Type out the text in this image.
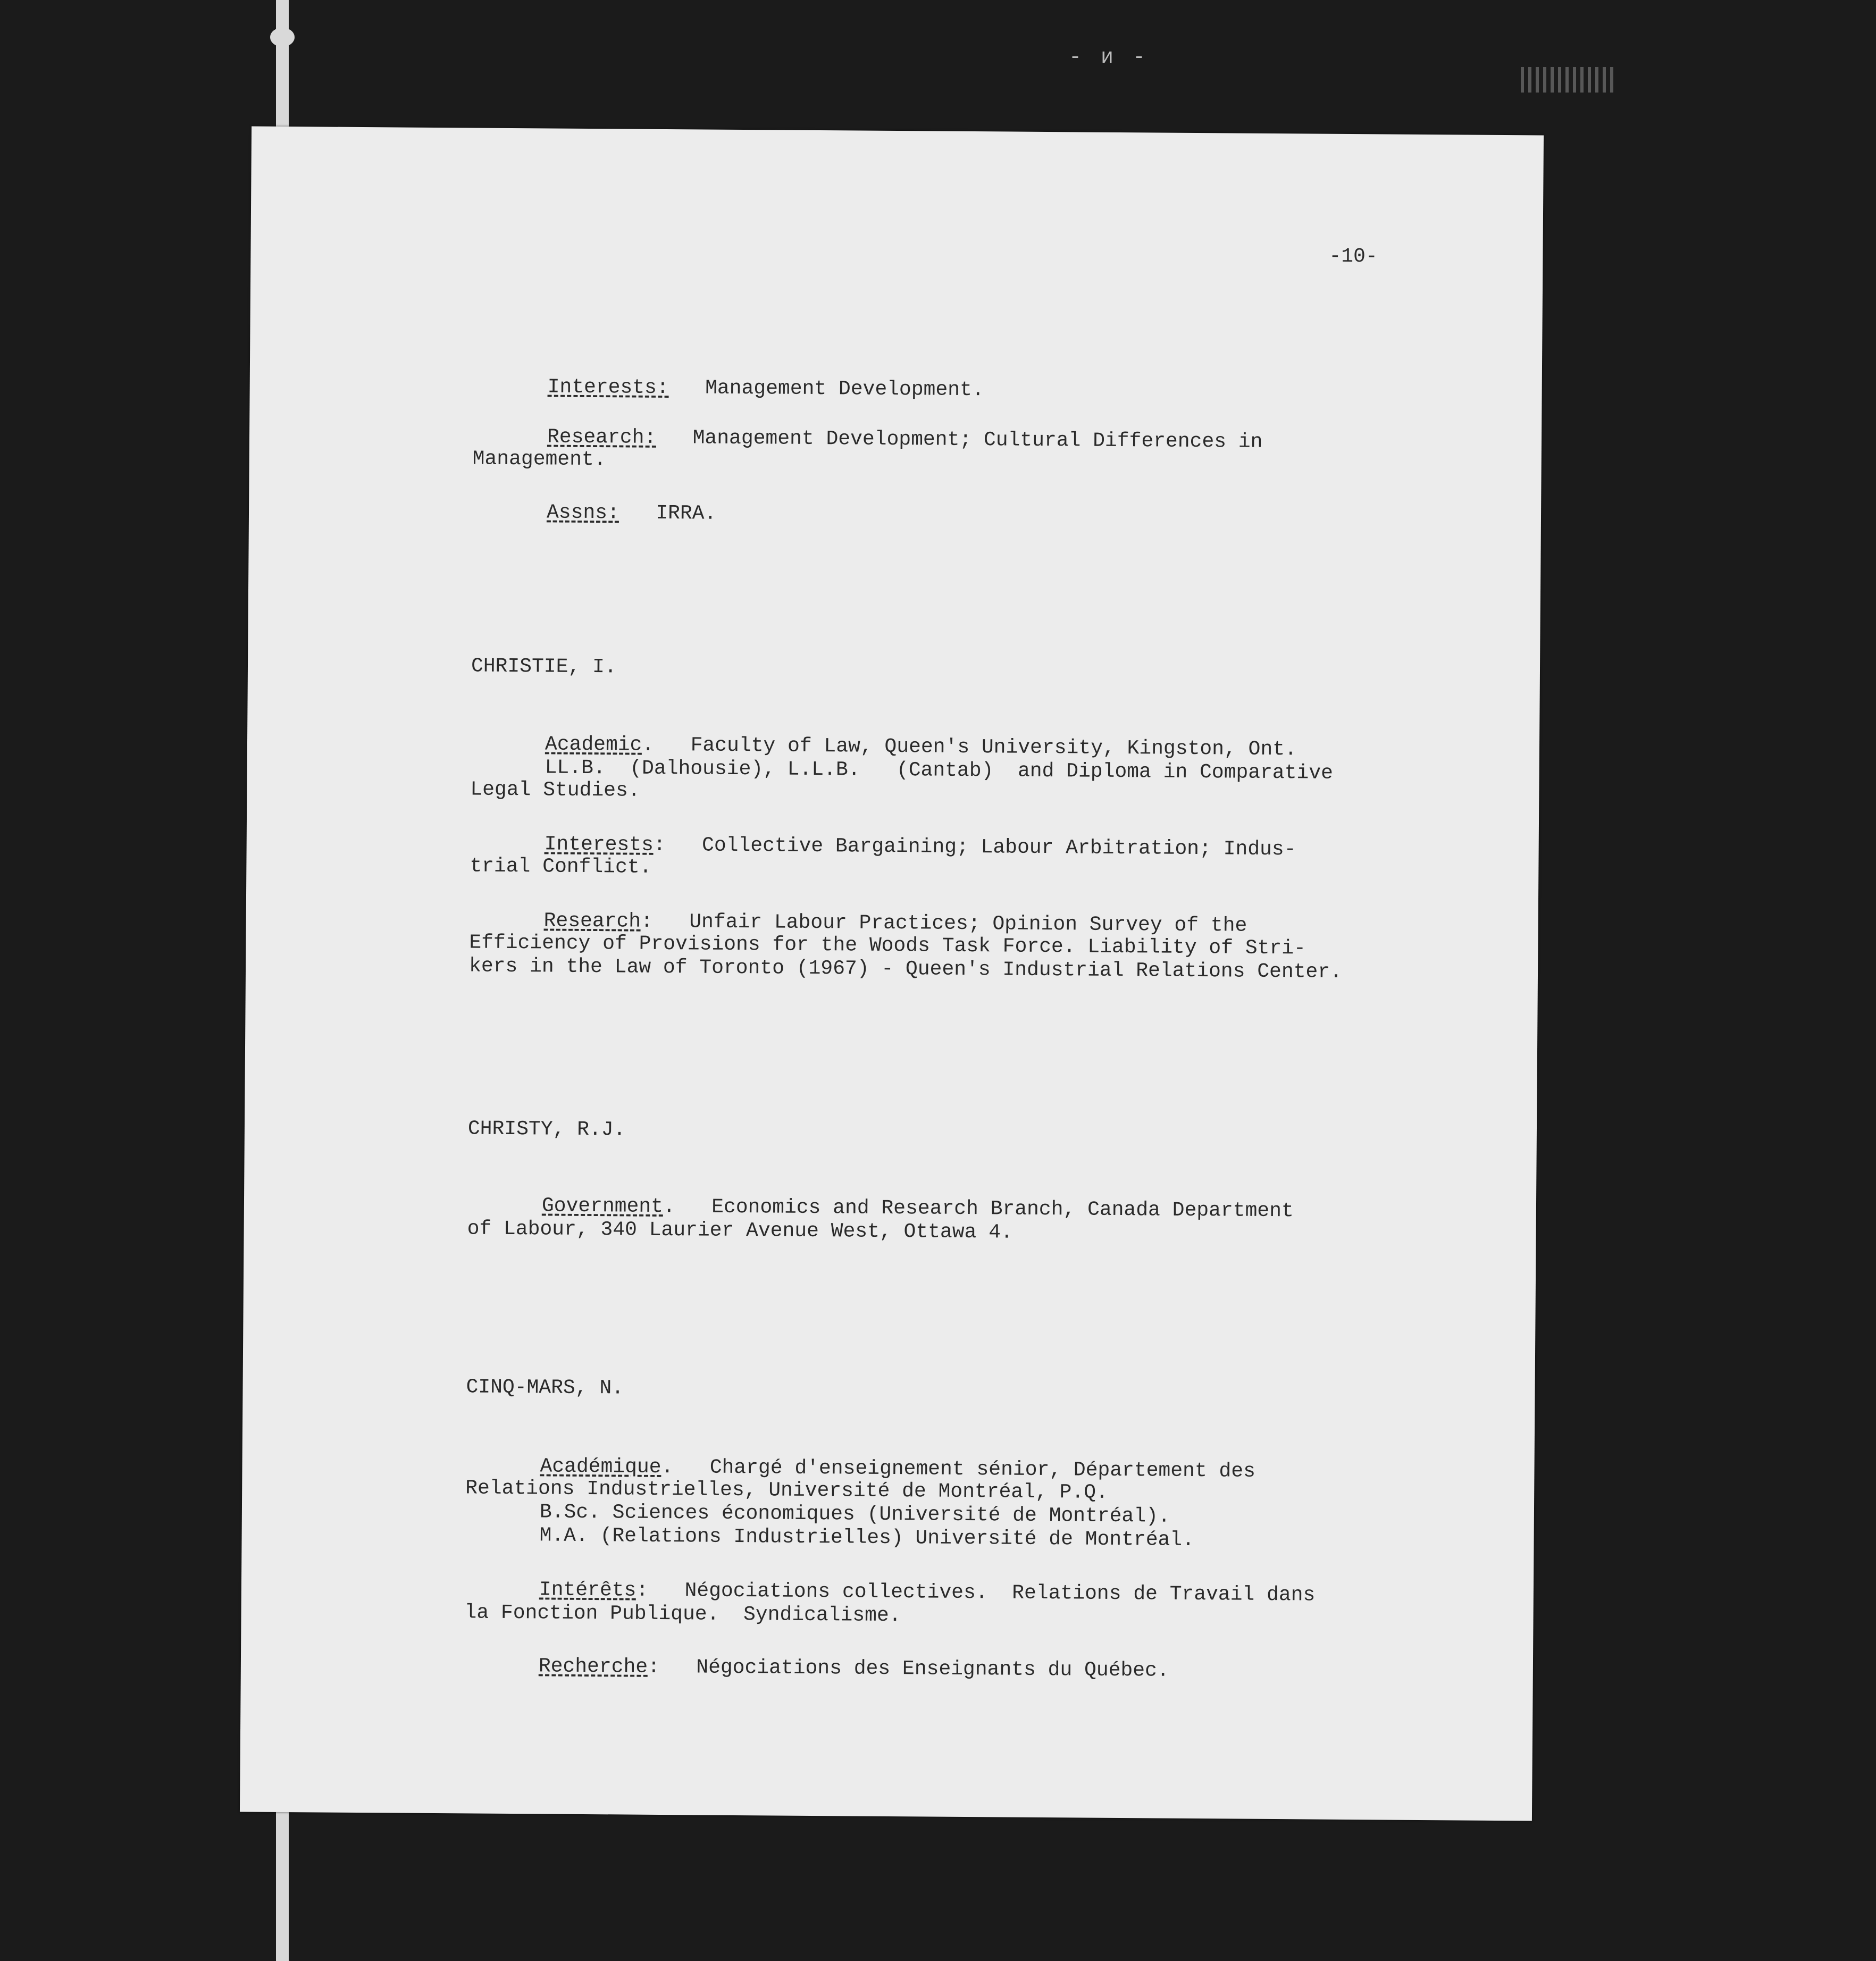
- ᴎ -
-10-
Interests: Management Development.
Research: Management Development; Cultural Differences in
Management.
Assns: IRRA.
CHRISTIE, I.
Academic.   Faculty of Law, Queen's University, Kingston, Ont.
LL.B.  (Dalhousie), L.L.B.   (Cantab)  and Diploma in Comparative
Legal Studies.
Interests:   Collective Bargaining; Labour Arbitration; Indus-
trial Conflict.
Research:   Unfair Labour Practices; Opinion Survey of the
Efficiency of Provisions for the Woods Task Force. Liability of Stri-
kers in the Law of Toronto (1967) - Queen's Industrial Relations Center.
CHRISTY, R.J.
Government.   Economics and Research Branch, Canada Department
of Labour, 340 Laurier Avenue West, Ottawa 4.
CINQ-MARS, N.
Académique.   Chargé d'enseignement sénior, Département des
Relations Industrielles, Université de Montréal, P.Q.
B.Sc. Sciences économiques (Université de Montréal).
M.A. (Relations Industrielles) Université de Montréal.
Intérêts:   Négociations collectives.  Relations de Travail dans
la Fonction Publique.  Syndicalisme.
Recherche:   Négociations des Enseignants du Québec.
